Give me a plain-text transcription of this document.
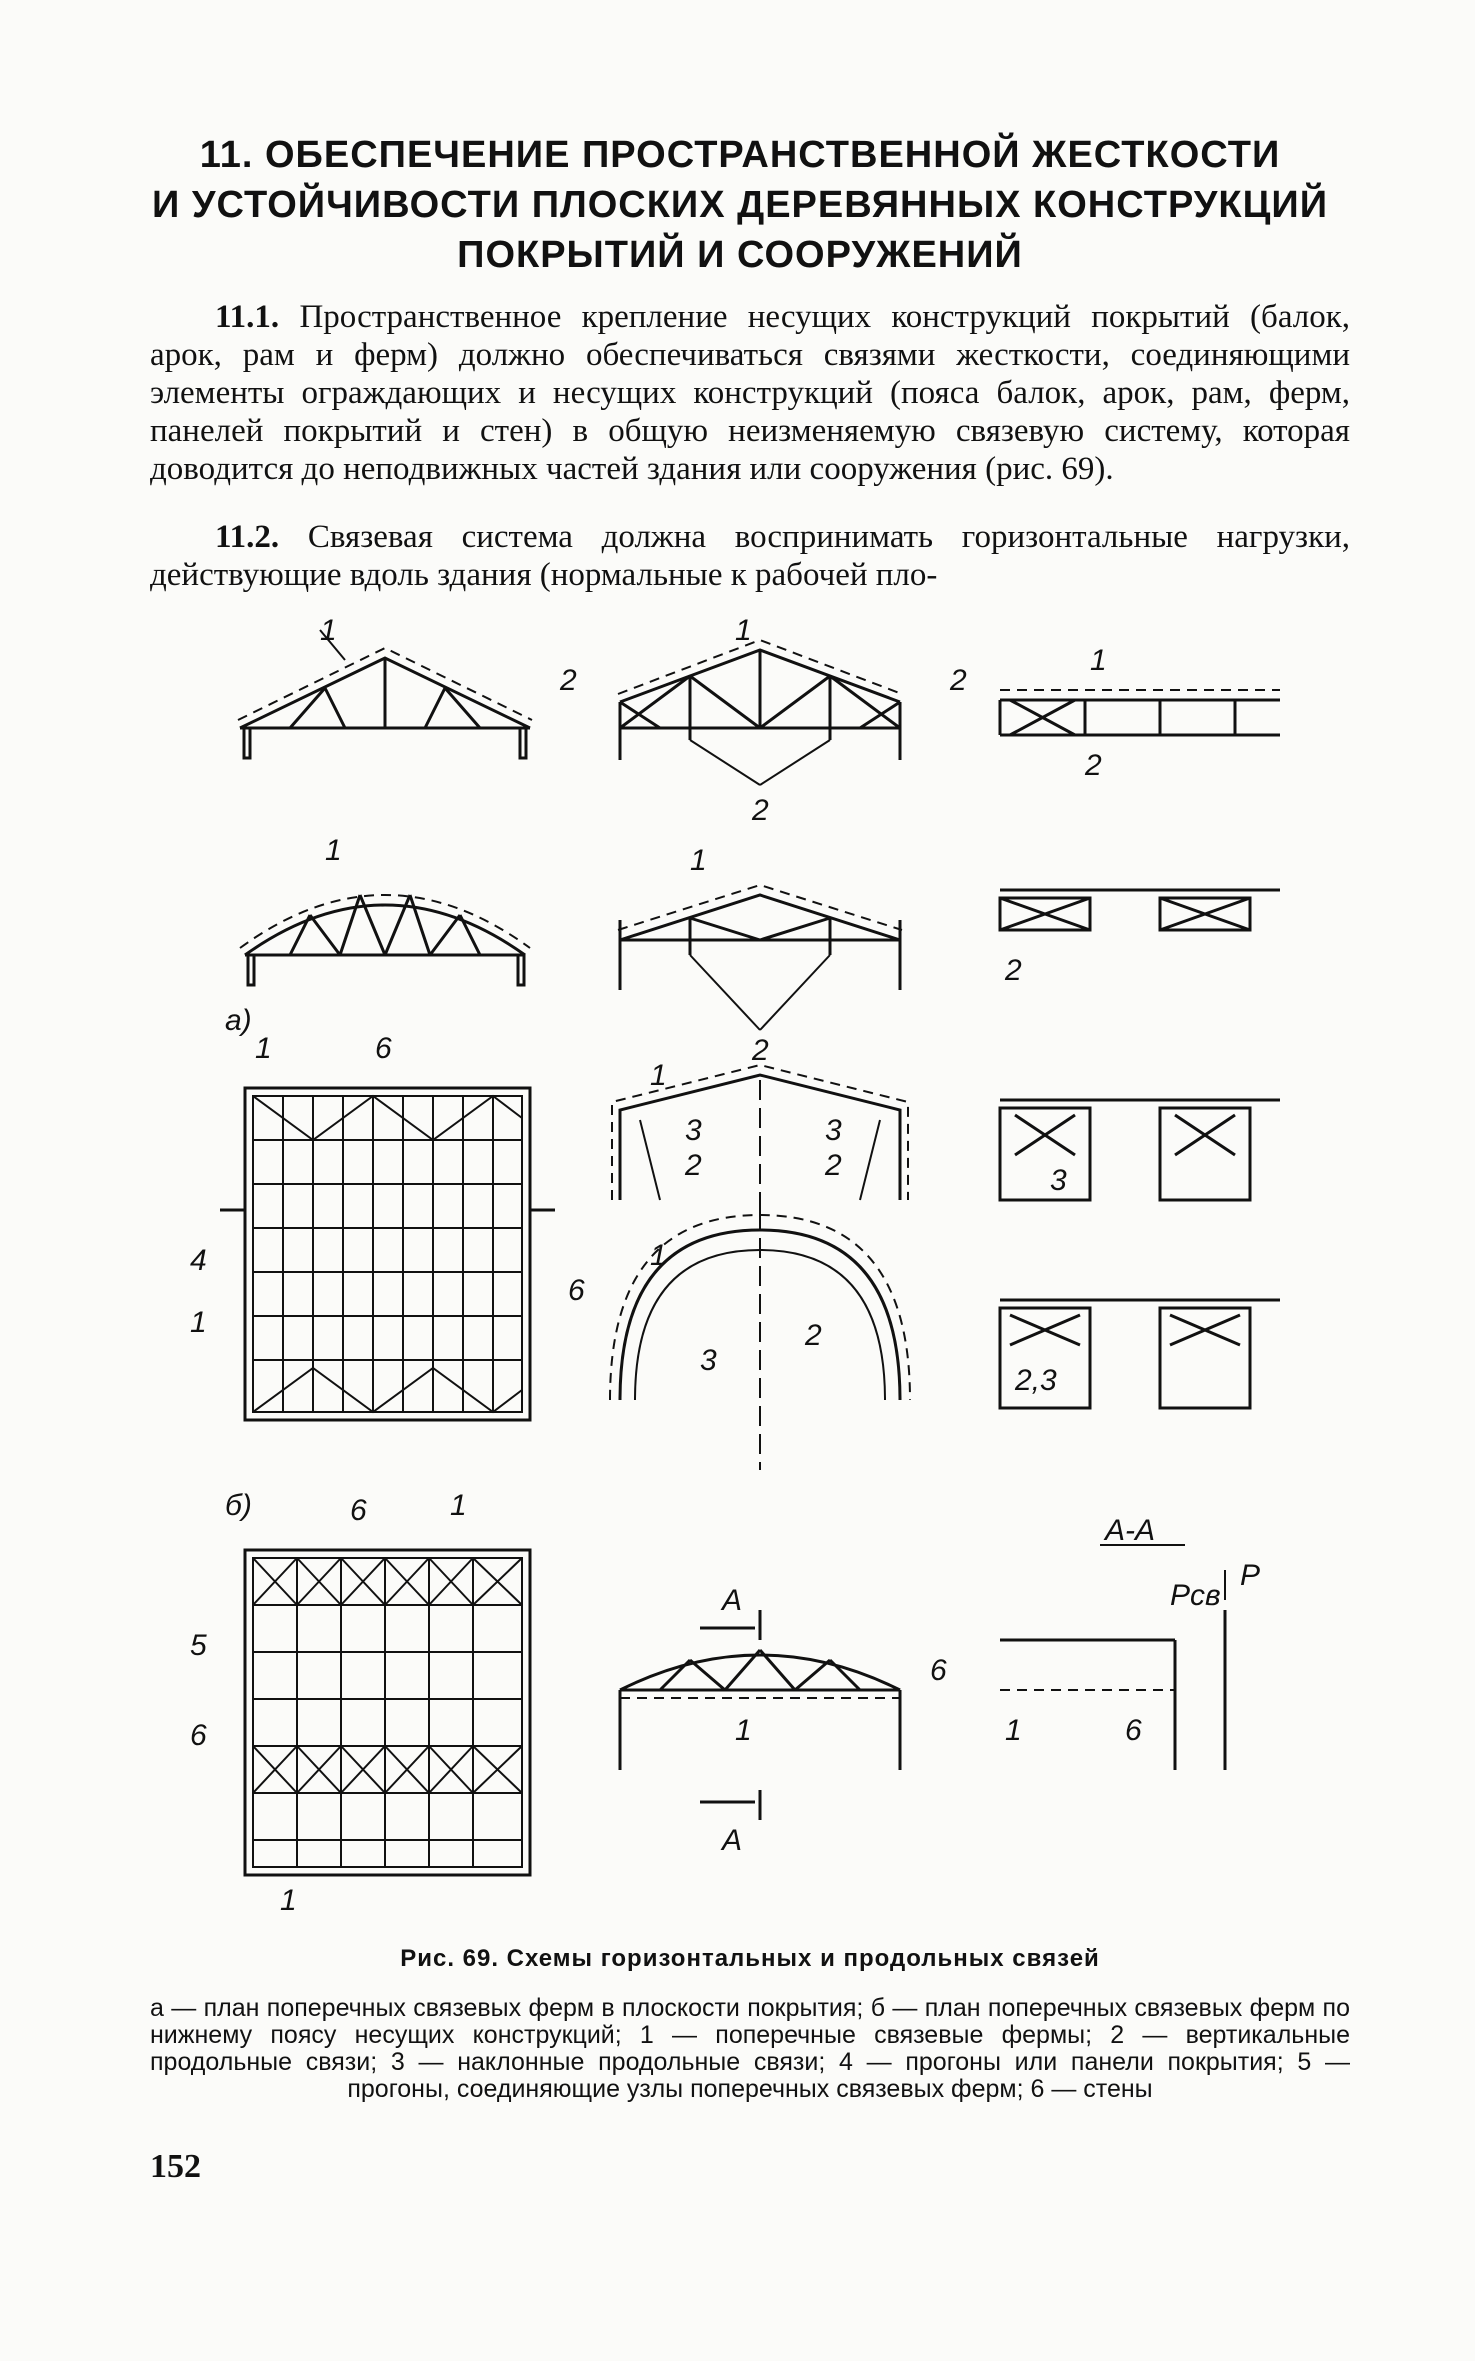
11. ОБЕСПЕЧЕНИЕ ПРОСТРАНСТВЕННОЙ ЖЕСТКОСТИ
И УСТОЙЧИВОСТИ ПЛОСКИХ ДЕРЕВЯННЫХ КОНСТРУКЦИЙ
ПОКРЫТИЙ И СООРУЖЕНИЙ

11.1. Пространственное крепление несущих конструкций покрытий (балок, арок, рам и ферм) должно обеспечиваться связями жесткости, соединяющими элементы ограждающих и несущих конструкций (пояса балок, арок, рам, ферм, панелей покрытий и стен) в общую неизменяемую связевую систему, которая доводится до неподвижных частей здания или сооружения (рис. 69).

11.2. Связевая система должна воспринимать горизонтальные нагрузки, действующие вдоль здания (нормальные к рабочей пло-

1
2	2
2
1
1
2
1
2
1
2
а)
1	6
4
1
6
1
3
2
3
2	3
1
3
2
2,3
б)	6	1
5
6
1
А
А
1
6
А-А
Pсв
P
1	6

Рис. 69. Схемы горизонтальных и продольных связей

а — план поперечных связевых ферм в плоскости покрытия; б — план поперечных связевых ферм по нижнему поясу несущих конструкций; 1 — поперечные связевые фермы; 2 — вертикальные продольные связи; 3 — наклонные продольные связи; 4 — прогоны или панели покрытия; 5 — прогоны, соединяющие узлы поперечных связевых ферм; 6 — стены

152
